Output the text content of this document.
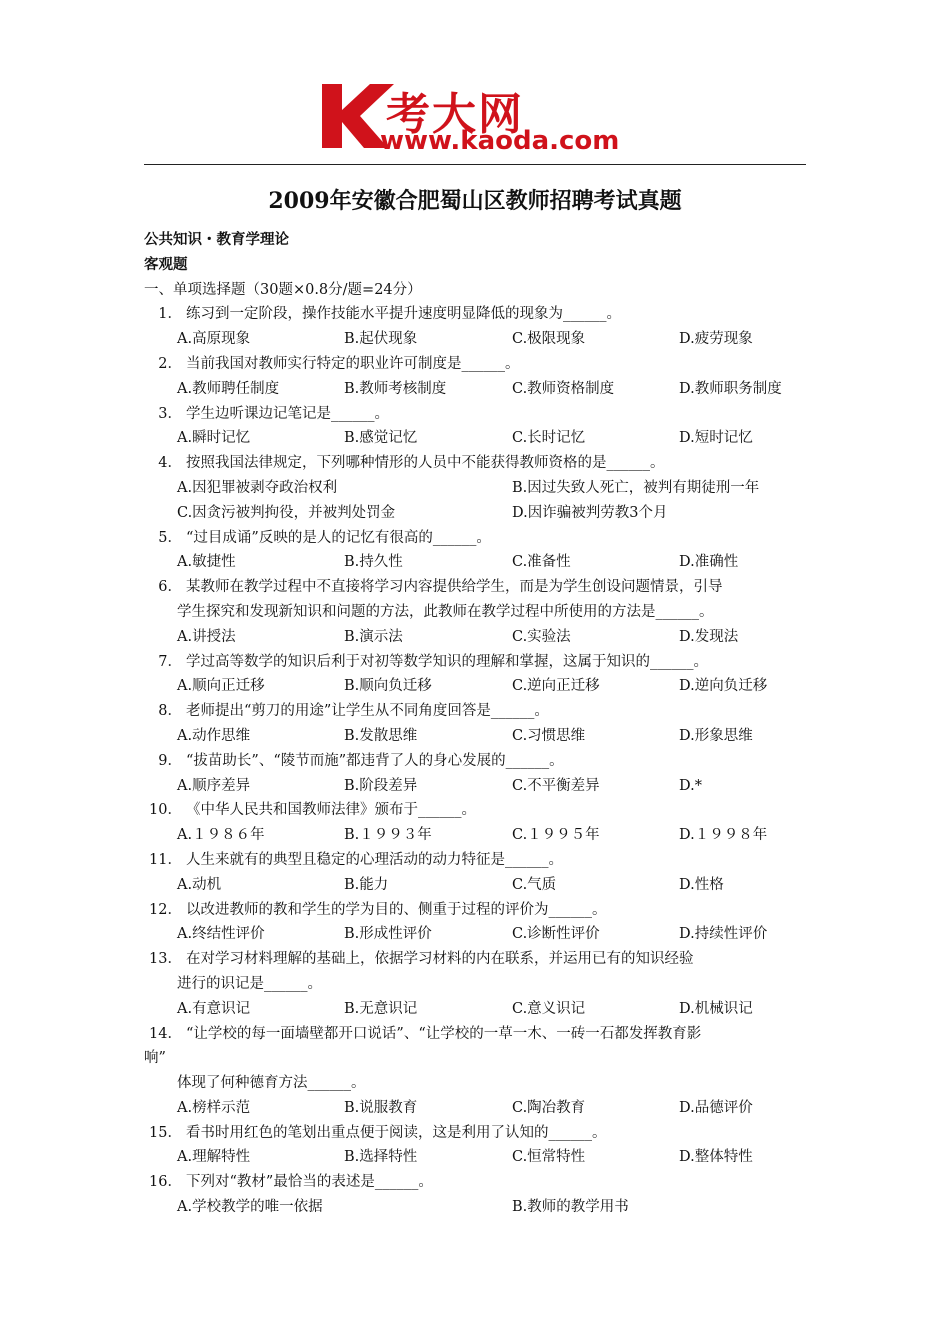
考大网
www.kaoda.com
2009年安徽合肥蜀山区教师招聘考试真题
公共知识・教育学理论
客观题
一、单项选择题（30题×0.8分/题=24分）
1． 练习到一定阶段，操作技能水平提升速度明显降低的现象为______。
A.高原现象	B.起伏现象	C.极限现象	D.疲劳现象
2． 当前我国对教师实行特定的职业许可制度是______。
A.教师聘任制度	B.教师考核制度	C.教师资格制度	D.教师职务制度
3． 学生边听课边记笔记是______。
A.瞬时记忆	B.感觉记忆	C.长时记忆	D.短时记忆
4． 按照我国法律规定，下列哪种情形的人员中不能获得教师资格的是______。
A.因犯罪被剥夺政治权利	B.因过失致人死亡，被判有期徒刑一年
C.因贪污被判拘役，并被判处罚金	D.因诈骗被判劳教3个月
5． “过目成诵”反映的是人的记忆有很高的______。
A.敏捷性	B.持久性	C.准备性	D.准确性
6． 某教师在教学过程中不直接将学习内容提供给学生，而是为学生创设问题情景，引导
学生探究和发现新知识和问题的方法，此教师在教学过程中所使用的方法是______。
A.讲授法	B.演示法	C.实验法	D.发现法
7． 学过高等数学的知识后利于对初等数学知识的理解和掌握，这属于知识的______。
A.顺向正迁移	B.顺向负迁移	C.逆向正迁移	D.逆向负迁移
8． 老师提出“剪刀的用途”让学生从不同角度回答是______。
A.动作思维	B.发散思维	C.习惯思维	D.形象思维
9． “拔苗助长”、“陵节而施”都违背了人的身心发展的______。
A.顺序差异	B.阶段差异	C.不平衡差异	D.*
10． 《中华人民共和国教师法律》颁布于______。
A.１９８６年	B.１９９３年	C.１９９５年	D.１９９８年
11． 人生来就有的典型且稳定的心理活动的动力特征是______。
A.动机	B.能力	C.气质	D.性格
12． 以改进教师的教和学生的学为目的、侧重于过程的评价为______。
A.终结性评价	B.形成性评价	C.诊断性评价	D.持续性评价
13． 在对学习材料理解的基础上，依据学习材料的内在联系，并运用已有的知识经验
进行的识记是______。
A.有意识记	B.无意识记	C.意义识记	D.机械识记
14． “让学校的每一面墙壁都开口说话”、“让学校的一草一木、一砖一石都发挥教育影
响”
体现了何种德育方法______。
A.榜样示范	B.说服教育	C.陶冶教育	D.品德评价
15． 看书时用红色的笔划出重点便于阅读，这是利用了认知的______。
A.理解特性	B.选择特性	C.恒常特性	D.整体特性
16． 下列对“教材”最恰当的表述是______。
A.学校教学的唯一依据	B.教师的教学用书
